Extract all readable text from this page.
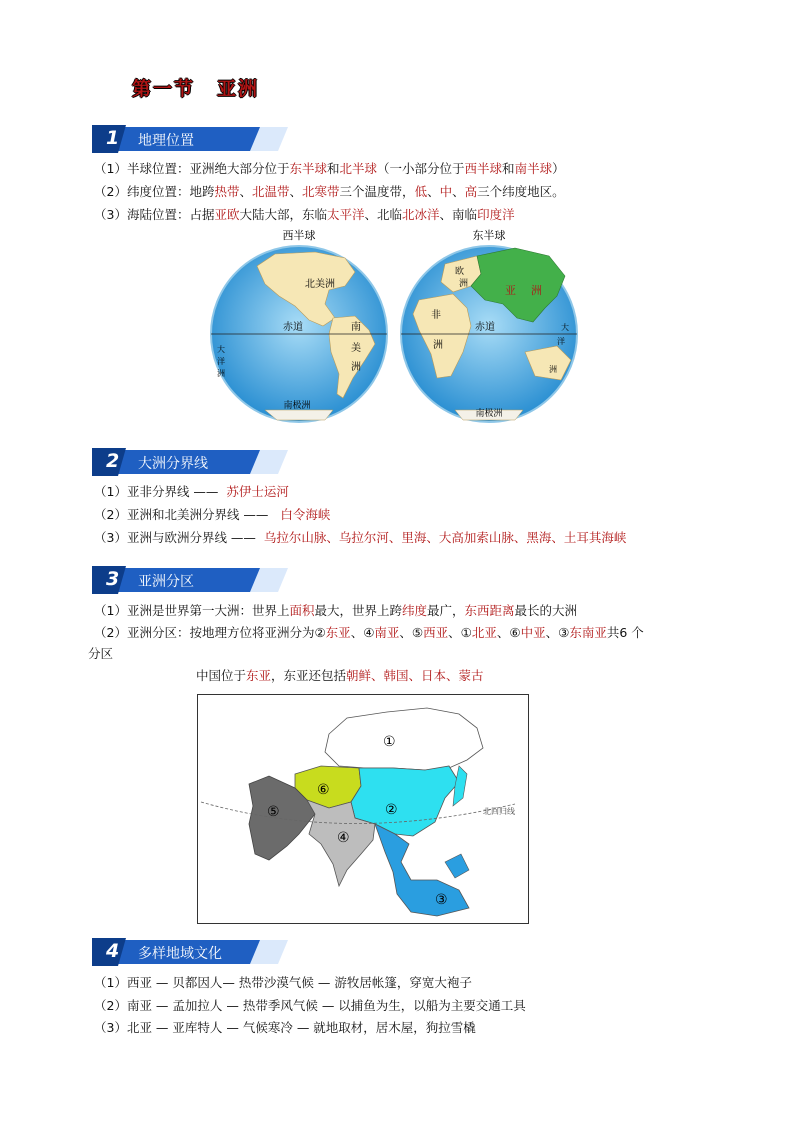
第一节 亚洲
1 地理位置
（1）半球位置：亚洲绝大部分位于东半球和北半球（一小部分位于西半球和南半球）
（2）纬度位置：地跨热带、北温带、北寒带三个温度带，低、中、高三个纬度地区。
（3）海陆位置：占据亚欧大陆大部，东临太平洋、北临北冰洋、南临印度洋
西半球
北美洲
南
美
洲
赤道
大
洋
洲
南极洲
东半球
欧
洲	亚 洲
非
洲
赤道	大
洋
洲
南极洲
2 大洲分界线
（1）亚非分界线 —— 苏伊士运河
（2）亚洲和北美洲分界线 —— 白令海峡
（3）亚洲与欧洲分界线 —— 乌拉尔山脉、乌拉尔河、里海、大高加索山脉、黑海、土耳其海峡
3 亚洲分区
（1）亚洲是世界第一大洲：世界上面积最大，世界上跨纬度最广，东西距离最长的大洲
（2）亚洲分区：按地理方位将亚洲分为②东亚、④南亚、⑤西亚、①北亚、⑥中亚、③东南亚共6 个
分区
中国位于东亚，东亚还包括朝鲜、韩国、日本、蒙古
北回归线
①
②
③
④
⑤
⑥
4 多样地域文化
（1）西亚 — 贝都因人— 热带沙漠气候 — 游牧居帐篷，穿宽大袍子
（2）南亚 — 孟加拉人 — 热带季风气候 — 以捕鱼为生，以船为主要交通工具
（3）北亚 — 亚库特人 — 气候寒冷 — 就地取材，居木屋，狗拉雪橇
